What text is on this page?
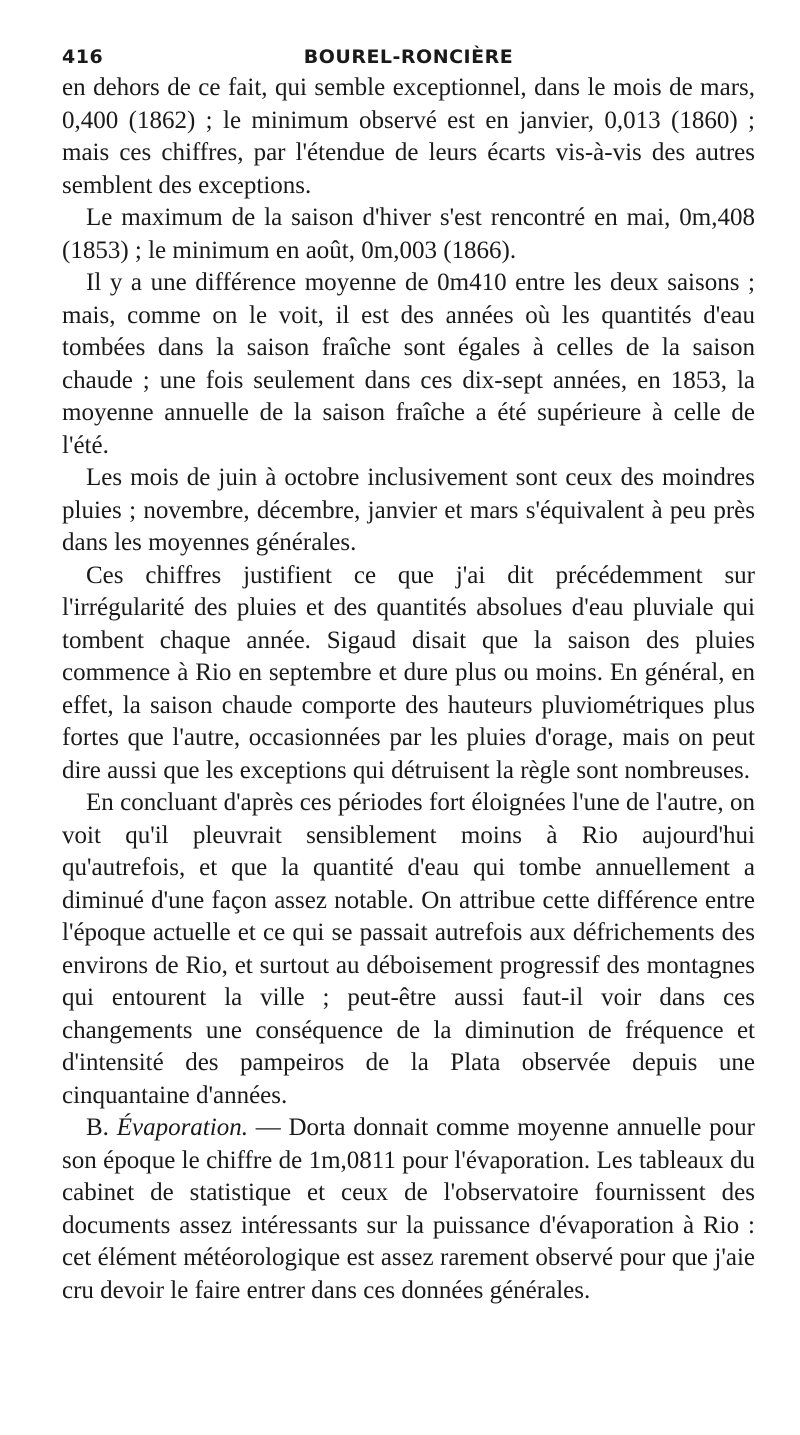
416	BOUREL-RONCIÈRE

en dehors de ce fait, qui semble exceptionnel, dans le mois de mars, 0,400 (1862) ; le minimum observé est en janvier, 0,013 (1860) ; mais ces chiffres, par l'étendue de leurs écarts vis-à-vis des autres semblent des exceptions.

Le maximum de la saison d'hiver s'est rencontré en mai, 0m,408 (1853) ; le minimum en août, 0m,003 (1866).

Il y a une différence moyenne de 0m410 entre les deux saisons ; mais, comme on le voit, il est des années où les quantités d'eau tombées dans la saison fraîche sont égales à celles de la saison chaude ; une fois seulement dans ces dix-sept années, en 1853, la moyenne annuelle de la saison fraîche a été supérieure à celle de l'été.

Les mois de juin à octobre inclusivement sont ceux des moindres pluies ; novembre, décembre, janvier et mars s'équivalent à peu près dans les moyennes générales.

Ces chiffres justifient ce que j'ai dit précédemment sur l'irrégularité des pluies et des quantités absolues d'eau pluviale qui tombent chaque année. Sigaud disait que la saison des pluies commence à Rio en septembre et dure plus ou moins. En général, en effet, la saison chaude comporte des hauteurs pluviométriques plus fortes que l'autre, occasionnées par les pluies d'orage, mais on peut dire aussi que les exceptions qui détruisent la règle sont nombreuses.

En concluant d'après ces périodes fort éloignées l'une de l'autre, on voit qu'il pleuvrait sensiblement moins à Rio aujourd'hui qu'autrefois, et que la quantité d'eau qui tombe annuellement a diminué d'une façon assez notable. On attribue cette différence entre l'époque actuelle et ce qui se passait autrefois aux défrichements des environs de Rio, et surtout au déboisement progressif des montagnes qui entourent la ville ; peut-être aussi faut-il voir dans ces changements une conséquence de la diminution de fréquence et d'intensité des pampeiros de la Plata observée depuis une cinquantaine d'années.

B. Évaporation. — Dorta donnait comme moyenne annuelle pour son époque le chiffre de 1m,0811 pour l'évaporation. Les tableaux du cabinet de statistique et ceux de l'observatoire fournissent des documents assez intéressants sur la puissance d'évaporation à Rio : cet élément météorologique est assez rarement observé pour que j'aie cru devoir le faire entrer dans ces données générales.
